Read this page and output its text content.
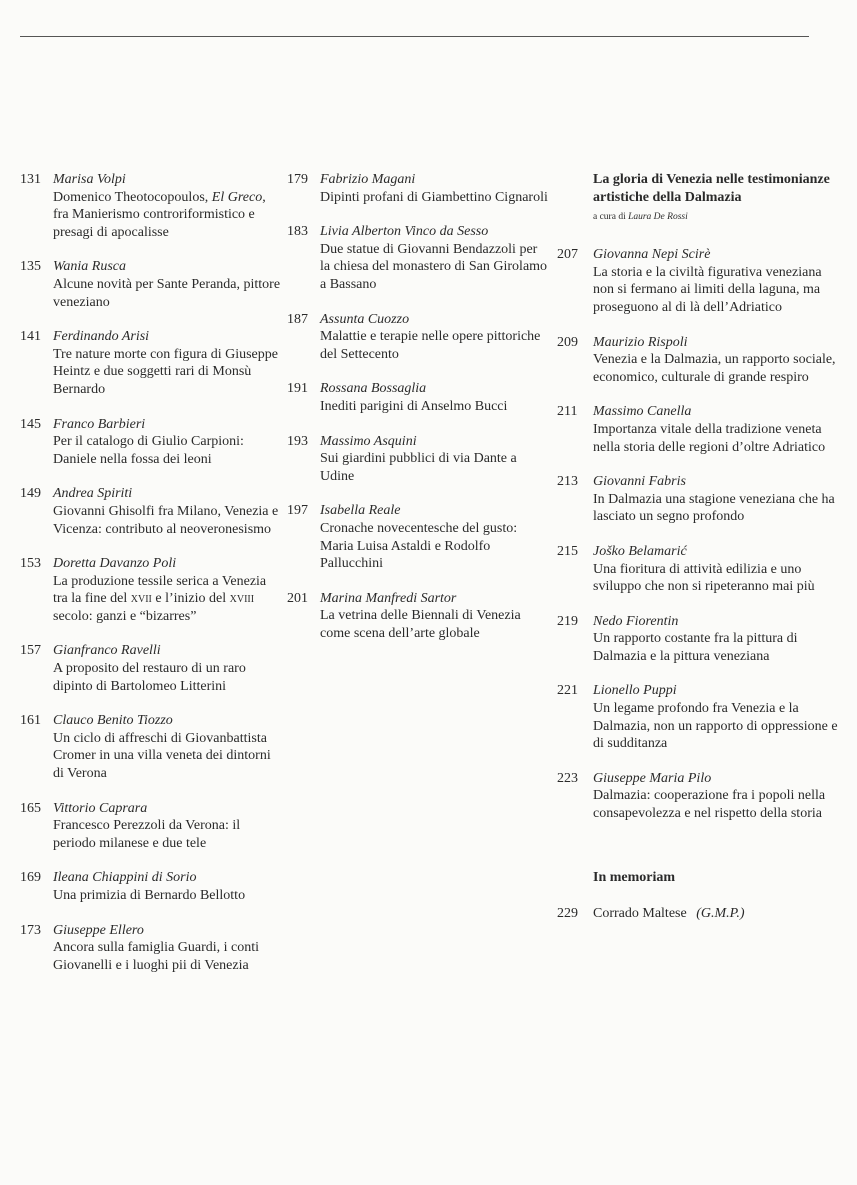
131 Marisa Volpi
Domenico Theotocopoulos, El Greco, fra Manierismo controriformistico e presagi di apocalisse
135 Wania Rusca
Alcune novità per Sante Peranda, pittore veneziano
141 Ferdinando Arisi
Tre nature morte con figura di Giuseppe Heintz e due soggetti rari di Monsù Bernardo
145 Franco Barbieri
Per il catalogo di Giulio Carpioni: Daniele nella fossa dei leoni
149 Andrea Spiriti
Giovanni Ghisolfi fra Milano, Venezia e Vicenza: contributo al neoveronesismo
153 Doretta Davanzo Poli
La produzione tessile serica a Venezia tra la fine del xvii e l’inizio del xviii secolo: ganzi e “bizarres”
157 Gianfranco Ravelli
A proposito del restauro di un raro dipinto di Bartolomeo Litterini
161 Clauco Benito Tiozzo
Un ciclo di affreschi di Giovanbattista Cromer in una villa veneta dei dintorni di Verona
165 Vittorio Caprara
Francesco Perezzoli da Verona: il periodo milanese e due tele
169 Ileana Chiappini di Sorio
Una primizia di Bernardo Bellotto
173 Giuseppe Ellero
Ancora sulla famiglia Guardi, i conti Giovanelli e i luoghi pii di Venezia
179 Fabrizio Magani
Dipinti profani di Giambettino Cignaroli
183 Livia Alberton Vinco da Sesso
Due statue di Giovanni Bendazzoli per la chiesa del monastero di San Girolamo a Bassano
187 Assunta Cuozzo
Malattie e terapie nelle opere pittoriche del Settecento
191 Rossana Bossaglia
Inediti parigini di Anselmo Bucci
193 Massimo Asquini
Sui giardini pubblici di via Dante a Udine
197 Isabella Reale
Cronache novecentesche del gusto: Maria Luisa Astaldi e Rodolfo Pallucchini
201 Marina Manfredi Sartor
La vetrina delle Biennali di Venezia come scena dell’arte globale
La gloria di Venezia nelle testimonianze artistiche della Dalmazia
a cura di Laura De Rossi
207 Giovanna Nepi Scirè
La storia e la civiltà figurativa veneziana non si fermano ai limiti della laguna, ma proseguono al di là dell’Adriatico
209 Maurizio Rispoli
Venezia e la Dalmazia, un rapporto sociale, economico, culturale di grande respiro
211 Massimo Canella
Importanza vitale della tradizione veneta nella storia delle regioni d’oltre Adriatico
213 Giovanni Fabris
In Dalmazia una stagione veneziana che ha lasciato un segno profondo
215 Joško Belamarić
Una fioritura di attività edilizia e uno sviluppo che non si ripeteranno mai più
219 Nedo Fiorentin
Un rapporto costante fra la pittura di Dalmazia e la pittura veneziana
221 Lionello Puppi
Un legame profondo fra Venezia e la Dalmazia, non un rapporto di oppressione e di sudditanza
223 Giuseppe Maria Pilo
Dalmazia: cooperazione fra i popoli nella consapevolezza e nel rispetto della storia
In memoriam
229 Corrado Maltese (G.M.P.)
